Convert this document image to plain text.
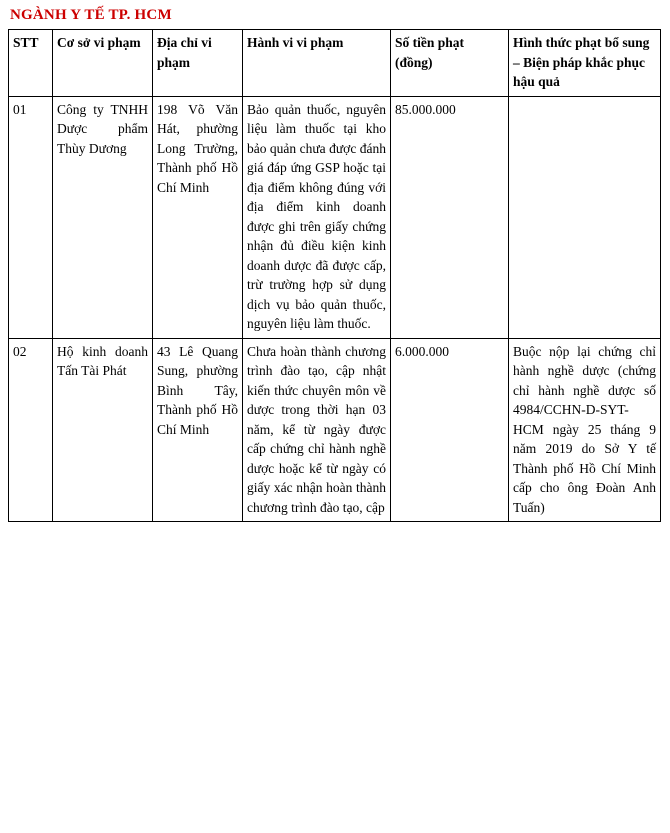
NGÀNH Y TẾ TP. HCM
STT	Cơ sở vi phạm	Địa chỉ vi phạm	Hành vi vi phạm	Số tiền phạt (đồng)	Hình thức phạt bổ sung – Biện pháp khắc phục hậu quả
01	Công ty TNHH Dược phẩm Thùy Dương	198 Võ Văn Hát, phường Long Trường, Thành phố Hồ Chí Minh	Bảo quản thuốc, nguyên liệu làm thuốc tại kho bảo quản chưa được đánh giá đáp ứng GSP hoặc tại địa điểm không đúng với địa điểm kinh doanh được ghi trên giấy chứng nhận đủ điều kiện kinh doanh dược đã được cấp, trừ trường hợp sử dụng dịch vụ bảo quản thuốc, nguyên liệu làm thuốc.	85.000.000	
02	Hộ kinh doanh Tấn Tài Phát	43 Lê Quang Sung, phường Bình Tây, Thành phố Hồ Chí Minh	Chưa hoàn thành chương trình đào tạo, cập nhật kiến thức chuyên môn về dược trong thời hạn 03 năm, kể từ ngày được cấp chứng chỉ hành nghề dược hoặc kể từ ngày có giấy xác nhận hoàn thành chương trình đào tạo, cập	6.000.000	Buộc nộp lại chứng chỉ hành nghề dược (chứng chỉ hành nghề dược số 4984/CCHN-D-SYT-HCM ngày 25 tháng 9 năm 2019 do Sở Y tế Thành phố Hồ Chí Minh cấp cho ông Đoàn Anh Tuấn)
